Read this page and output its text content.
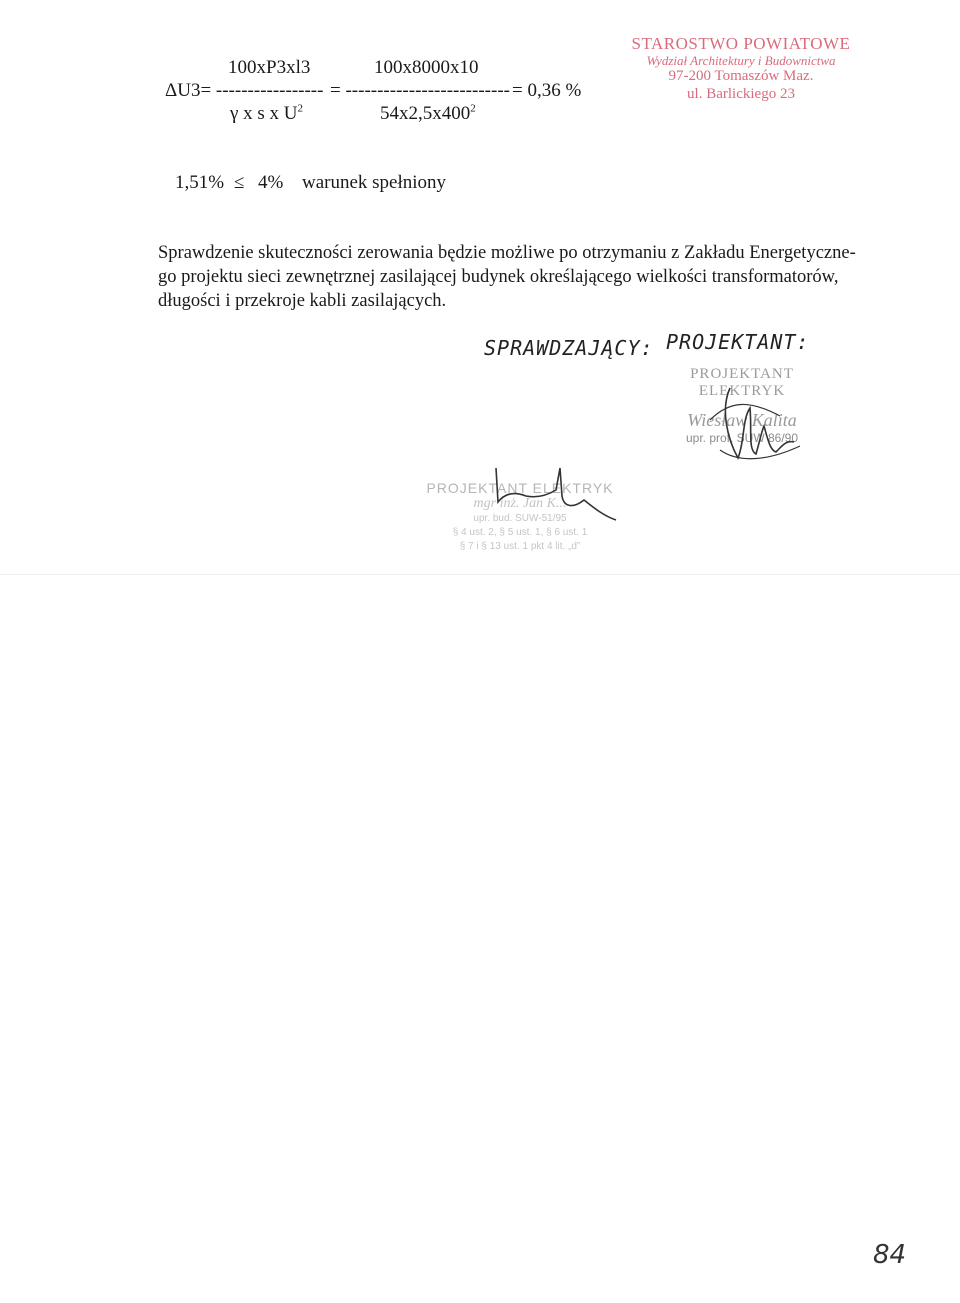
100xP3xl3	100x8000x10
ΔU3= ----------------- = -------------------------- = 0,36 %
γ x s x $U^2$	$54x2,5x400^2$
STAROSTWO POWIATOWE
Wydział Architektury i Budownictwa
97-200 Tomaszów Maz.
ul. Barlickiego 23
1,51% ≤ 4% warunek spełniony
Sprawdzenie skuteczności zerowania będzie możliwe po otrzymaniu z Zakładu Energetyczne-
go projektu sieci zewnętrznej zasilającej budynek określającego wielkości transformatorów,
długości i przekroje kabli zasilających.
SPRAWDZAJĄCY: PROJEKTANT:
PROJEKTANT ELEKTRYK
Wiesław Kalita
upr. prof. SUW 86/90
PROJEKTANT ELEKTRYK
mgr inż. Jan K...
upr. bud. SUW-51/95
§ 4 ust. 2, § 5 ust. 1, § 6 ust. 1
§ 7 i § 13 ust. 1 pkt 4 lit. „d”
84
